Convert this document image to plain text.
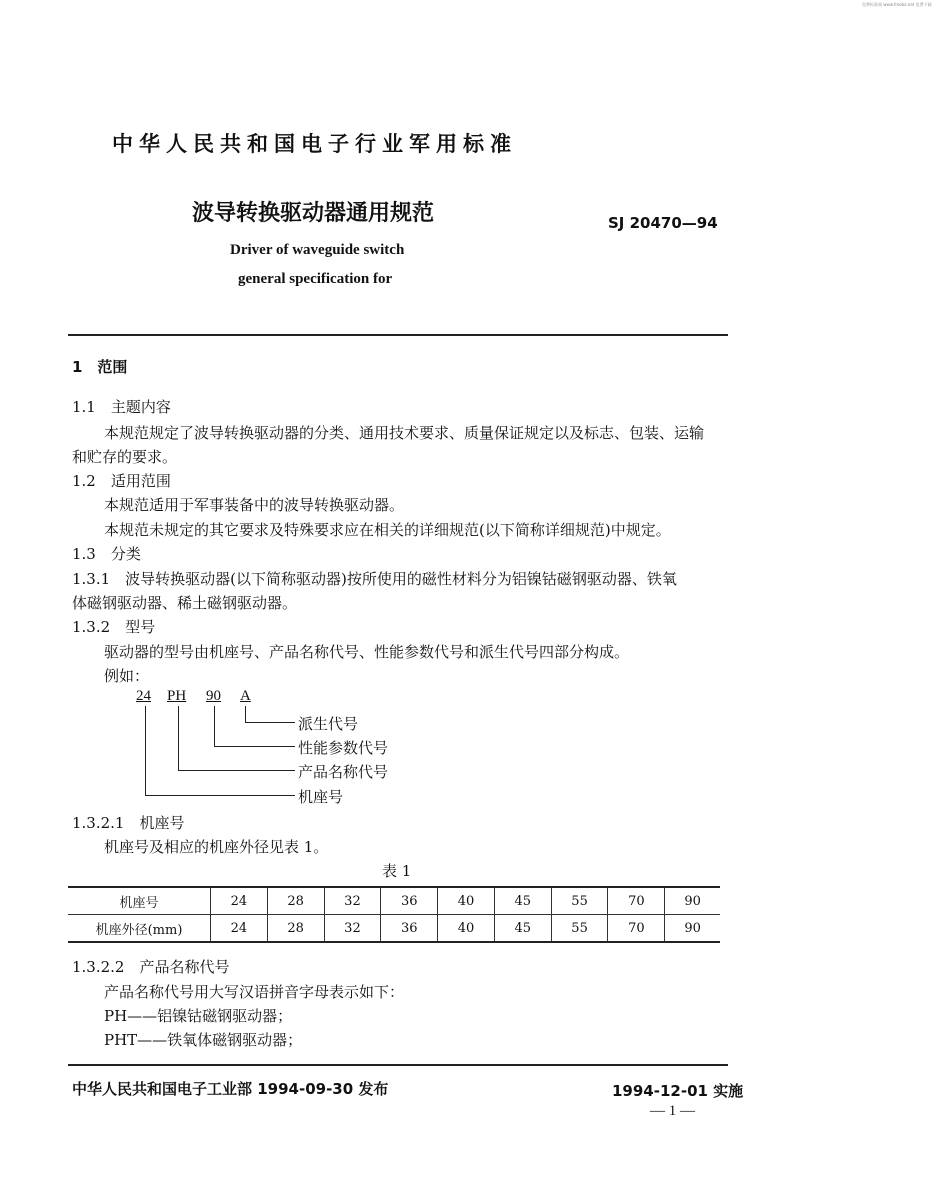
免费标准网 www.freebz.net 免费下载
中华人民共和国电子行业军用标准
波导转换驱动器通用规范	SJ 20470—94
Driver of waveguide switch
general specification for
1　范围
1.1　主题内容
本规范规定了波导转换驱动器的分类、通用技术要求、质量保证规定以及标志、包装、运输
和贮存的要求。
1.2　适用范围
本规范适用于军事装备中的波导转换驱动器。
本规范未规定的其它要求及特殊要求应在相关的详细规范(以下简称详细规范)中规定。
1.3　分类
1.3.1　波导转换驱动器(以下简称驱动器)按所使用的磁性材料分为铝镍钴磁钢驱动器、铁氧
体磁钢驱动器、稀土磁钢驱动器。
1.3.2　型号
驱动器的型号由机座号、产品名称代号、性能参数代号和派生代号四部分构成。
例如：
24 PH 90 A
派生代号
性能参数代号
产品名称代号
机座号
1.3.2.1　机座号
机座号及相应的机座外径见表 1。
表 1
机座号	24	28	32	36	40	45	55	70	90
机座外径(mm)	24	28	32	36	40	45	55	70	90
1.3.2.2　产品名称代号
产品名称代号用大写汉语拼音字母表示如下：
PH——铝镍钴磁钢驱动器；
PHT——铁氧体磁钢驱动器；
中华人民共和国电子工业部 1994-09-30 发布	1994-12-01 实施
— 1 —
